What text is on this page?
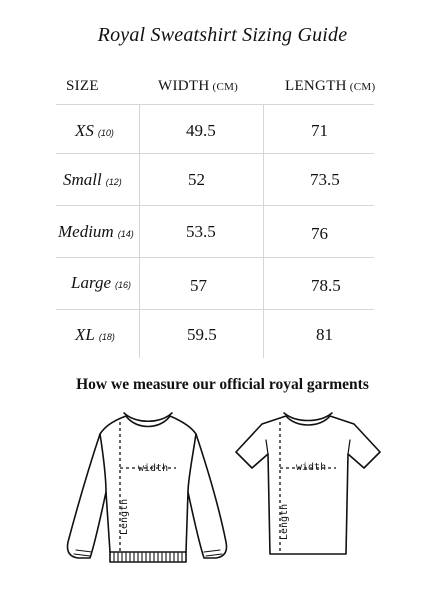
Royal Sweatshirt Sizing Guide
SIZE	WIDTH (CM)	LENGTH (CM)
XS (10)	49.5	71
Small (12)	52	73.5
Medium (14)	53.5	76
Large (16)	57	78.5
XL (18)	59.5	81
How we measure our official royal garments
width	width
Length	Length
